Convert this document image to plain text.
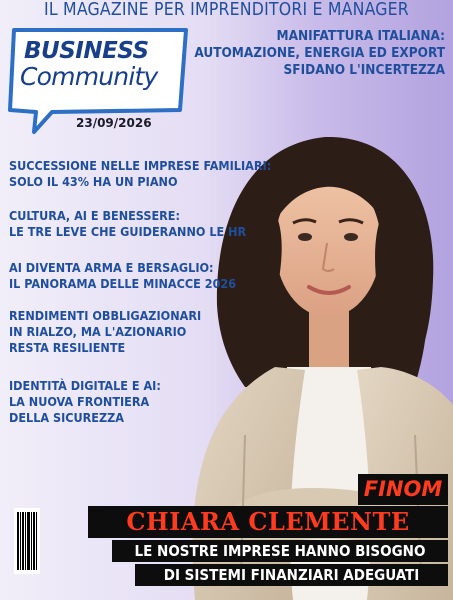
IL MAGAZINE PER IMPRENDITORI E MANAGER
BUSINESS
Community
23/09/2026
MANIFATTURA ITALIANA:
AUTOMAZIONE, ENERGIA ED EXPORT
SFIDANO L'INCERTEZZA
SUCCESSIONE NELLE IMPRESE FAMILIARI:
SOLO IL 43% HA UN PIANO
CULTURA, AI E BENESSERE:
LE TRE LEVE CHE GUIDERANNO LE HR
AI DIVENTA ARMA E BERSAGLIO:
IL PANORAMA DELLE MINACCE 2026
RENDIMENTI OBBLIGAZIONARI
IN RIALZO, MA L'AZIONARIO
RESTA RESILIENTE
IDENTITÀ DIGITALE E AI:
LA NUOVA FRONTIERA
DELLA SICUREZZA
FINOM
CHIARA CLEMENTE
LE NOSTRE IMPRESE HANNO BISOGNO
DI SISTEMI FINANZIARI ADEGUATI
